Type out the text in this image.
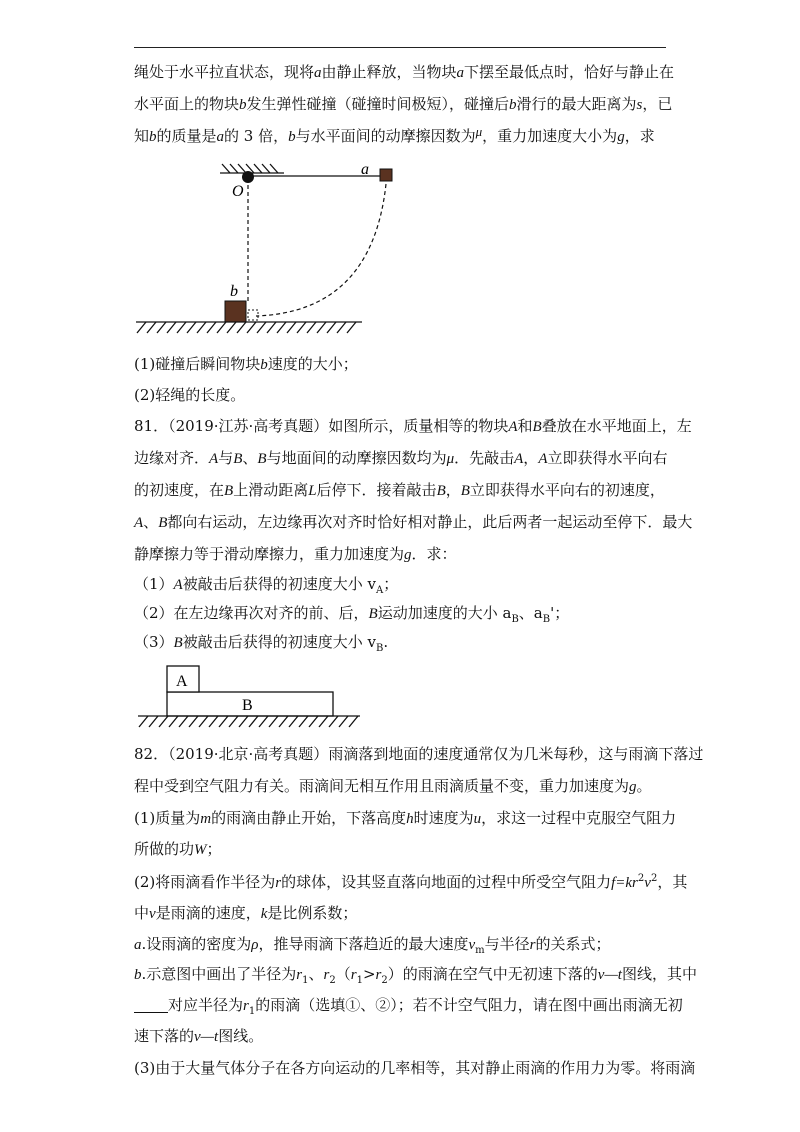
绳处于水平拉直状态，现将a由静止释放，当物块a下摆至最低点时，恰好与静止在
水平面上的物块b发生弹性碰撞（碰撞时间极短），碰撞后b滑行的最大距离为s，已
知b的质量是a的 3 倍，b与水平面间的动摩擦因数为μ，重力加速度大小为g，求
O
a
b
(1)碰撞后瞬间物块b速度的大小；
(2)轻绳的长度。
81．（2019·江苏·高考真题）如图所示，质量相等的物块A和B叠放在水平地面上，左
边缘对齐．A与B、B与地面间的动摩擦因数均为μ．先敲击A，A立即获得水平向右
的初速度，在B上滑动距离L后停下．接着敲击B，B立即获得水平向右的初速度，
A、B都向右运动，左边缘再次对齐时恰好相对静止，此后两者一起运动至停下．最大
静摩擦力等于滑动摩擦力，重力加速度为g．求：
（1）A被敲击后获得的初速度大小 $v_A$；
（2）在左边缘再次对齐的前、后，B运动加速度的大小 $a_B$、$a_B'$；
（3）B被敲击后获得的初速度大小 $v_B$.
A
B
82．（2019·北京·高考真题）雨滴落到地面的速度通常仅为几米每秒，这与雨滴下落过
程中受到空气阻力有关。雨滴间无相互作用且雨滴质量不变，重力加速度为g。
(1)质量为m的雨滴由静止开始，下落高度h时速度为u，求这一过程中克服空气阻力
所做的功W；
(2)将雨滴看作半径为r的球体，设其竖直落向地面的过程中所受空气阻力$f=kr^2v^2$，其
中v是雨滴的速度，k是比例系数；
a.设雨滴的密度为ρ，推导雨滴下落趋近的最大速度$v_m$与半径r的关系式；
b.示意图中画出了半径为$r_1$、$r_2(r_1>r_2)$的雨滴在空气中无初速下落的v—t图线，其中
对应半径为$r_1$的雨滴（选填①、②）；若不计空气阻力，请在图中画出雨滴无初
速下落的v—t图线。
(3)由于大量气体分子在各方向运动的几率相等，其对静止雨滴的作用力为零。将雨滴
